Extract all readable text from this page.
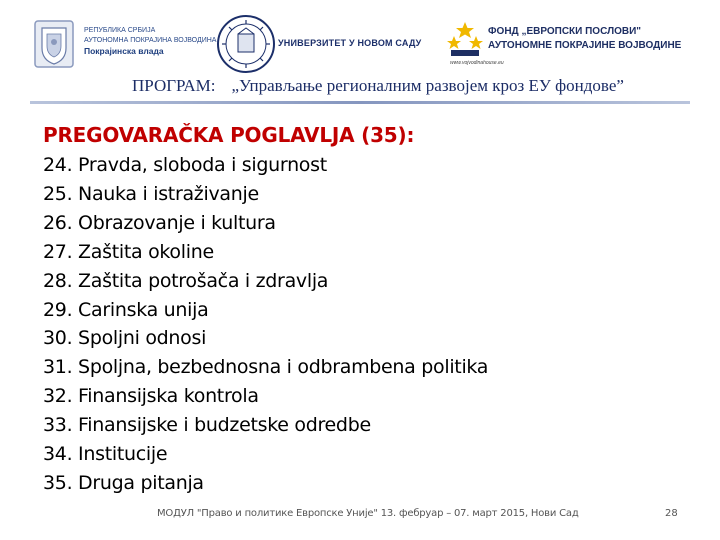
РЕПУБЛИКА СРБИЈА
АУТОНОМНА ПОКРАЈИНА ВОЈВОДИНА
Покрајинска влада
УНИВЕРЗИТЕТ У НОВОМ САДУ
ФОНД „ЕВРОПСКИ ПОСЛОВИ"
АУТОНОМНЕ ПОКРАЈИНЕ ВОЈВОДИНЕ
www.vojvodinahouse.eu
ПРОГРАМ: „Управљање регионалним развојем кроз ЕУ фондове”
PREGOVARAČKA POGLAVLJA (35):
24. Pravda, sloboda i sigurnost
25. Nauka i istraživanje
26. Obrazovanje i kultura
27. Zaštita okoline
28. Zaštita potrošača i zdravlja
29. Carinska unija
30. Spoljni odnosi
31. Spoljna, bezbednosna i odbrambena politika
32. Finansijska kontrola
33. Finansijske i budzetske odredbe
34. Institucije
35. Druga pitanja
МОДУЛ "Право и политике Европске Уније" 13. фебруар – 07. март 2015, Нови Сад	28
